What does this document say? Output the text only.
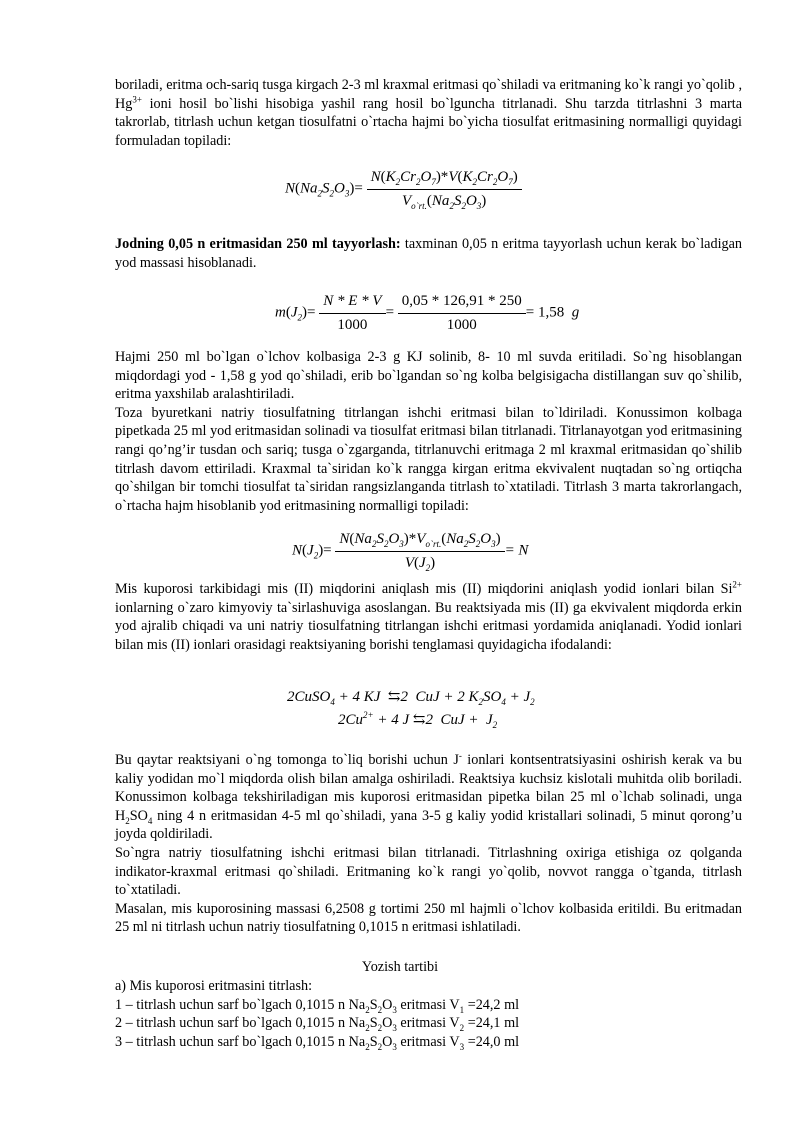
boriladi, eritma och-sariq tusga kirgach 2-3 ml kraxmal eritmasi qo`shiladi va eritmaning ko`k rangi yo`qolib , $Hg^{3+}$ ioni hosil bo`lishi hisobiga yashil rang hosil bo`lguncha titrlanadi. Shu tarzda titrlashni 3 marta takrorlab, titrlash uchun ketgan tiosulfatni o`rtacha hajmi bo`yicha tiosulfat eritmasining normalligi quyidagi formuladan topiladi:

$N(Na_2S_2O_3)= \frac{N(K_2Cr_2O_7)*V(K_2Cr_2O_7)}{V_{o`rt.}(Na_2S_2O_3)}$

Jodning 0,05 n eritmasidan 250 ml tayyorlash: taxminan 0,05 n eritma tayyorlash uchun kerak bo`ladigan yod massasi hisoblanadi.

$m(J_2)= \frac{N * E * V}{1000} = \frac{0,05 * 126,91 * 250}{1000} = 1,58$ g

Hajmi 250 ml bo`lgan o`lchov kolbasiga 2-3 g KJ solinib, 8- 10 ml suvda eritiladi. So`ng hisoblangan miqdordagi yod - 1,58 g yod qo`shiladi, erib bo`lgandan so`ng kolba belgisigacha distillangan suv qo`shilib, eritma yaxshilab aralashtiriladi.

Toza byuretkani natriy tiosulfatning titrlangan ishchi eritmasi bilan to`ldiriladi. Konussimon kolbaga pipetkada 25 ml yod eritmasidan solinadi va tiosulfat eritmasi bilan titrlanadi. Titrlanayotgan yod eritmasining rangi qo’ng’ir tusdan och sariq; tusga o`zgarganda, titrlanuvchi eritmaga 2 ml kraxmal eritmasidan qo`shilib titrlash davom ettiriladi. Kraxmal ta`siridan ko`k rangga kirgan eritma ekvivalent nuqtadan so`ng ortiqcha qo`shilgan bir tomchi tiosulfat ta`siridan rangsizlanganda titrlash to`xtatiladi. Titrlash 3 marta takrorlangach, o`rtacha hajm hisoblanib yod eritmasining normalligi topiladi:

$N(J_2)= \frac{N(Na_2S_2O_3)*V_{o`rt.}(Na_2S_2O_3)}{V(J_2)} = N$

Mis kuporosi tarkibidagi mis (II) miqdorini aniqlash mis (II) miqdorini aniqlash yodid ionlari bilan $Si^{2+}$ ionlarning o`zaro kimyoviy ta`sirlashuviga asoslangan. Bu reaktsiyada mis (II) ga ekvivalent miqdorda erkin yod ajralib chiqadi va uni natriy tiosulfatning titrlangan ishchi eritmasi yordamida aniqlanadi. Yodid ionlari bilan mis (II) ionlari orasidagi reaktsiyaning borishi tenglamasi quyidagicha ifodalandi:

2CuSO$_4$ + 4 KJ ⇆2  CuJ + 2 $K_2SO_4 + J_2$
$2Cu^{2+} + 4$ J ⇆2  CuJ +  $J_2$

Bu qaytar reaktsiyani o`ng tomonga to`liq borishi uchun J- ionlari kontsentratsiyasini oshirish kerak va bu kaliy yodidan mo`l miqdorda olish bilan amalga oshiriladi. Reaktsiya kuchsiz kislotali muhitda olib boriladi. Konussimon kolbaga tekshiriladigan mis kuporosi eritmasidan pipetka bilan 25 ml o`lchab solinadi, unga $H_2SO_4$ ning 4 n eritmasidan 4-5 ml qo`shiladi, yana 3-5 g kaliy yodid kristallari solinadi, 5 minut qorong’u joyda qoldiriladi.

So`ngra natriy tiosulfatning ishchi eritmasi bilan titrlanadi. Titrlashning oxiriga etishiga oz qolganda indikator-kraxmal eritmasi qo`shiladi. Eritmaning ko`k rangi yo`qolib, novvot rangga o`tganda, titrlash to`xtatiladi.

Masalan, mis kuporosining massasi 6,2508 g tortimi 250 ml hajmli o`lchov kolbasida eritildi. Bu eritmadan 25 ml ni titrlash uchun natriy tiosulfatning 0,1015 n eritmasi ishlatiladi.

Yozish tartibi
a) Mis kuporosi eritmasini titrlash:
1 – titrlash uchun sarf bo`lgach 0,1015 n $Na_2S_2O_3$ eritmasi $V_1 =24,2$ ml
2 – titrlash uchun sarf bo`lgach 0,1015 n $Na_2S_2O_3$ eritmasi $V_2 =24,1$ ml
3 – titrlash uchun sarf bo`lgach 0,1015 n $Na_2S_2O_3$ eritmasi $V_3 =24,0$ ml
